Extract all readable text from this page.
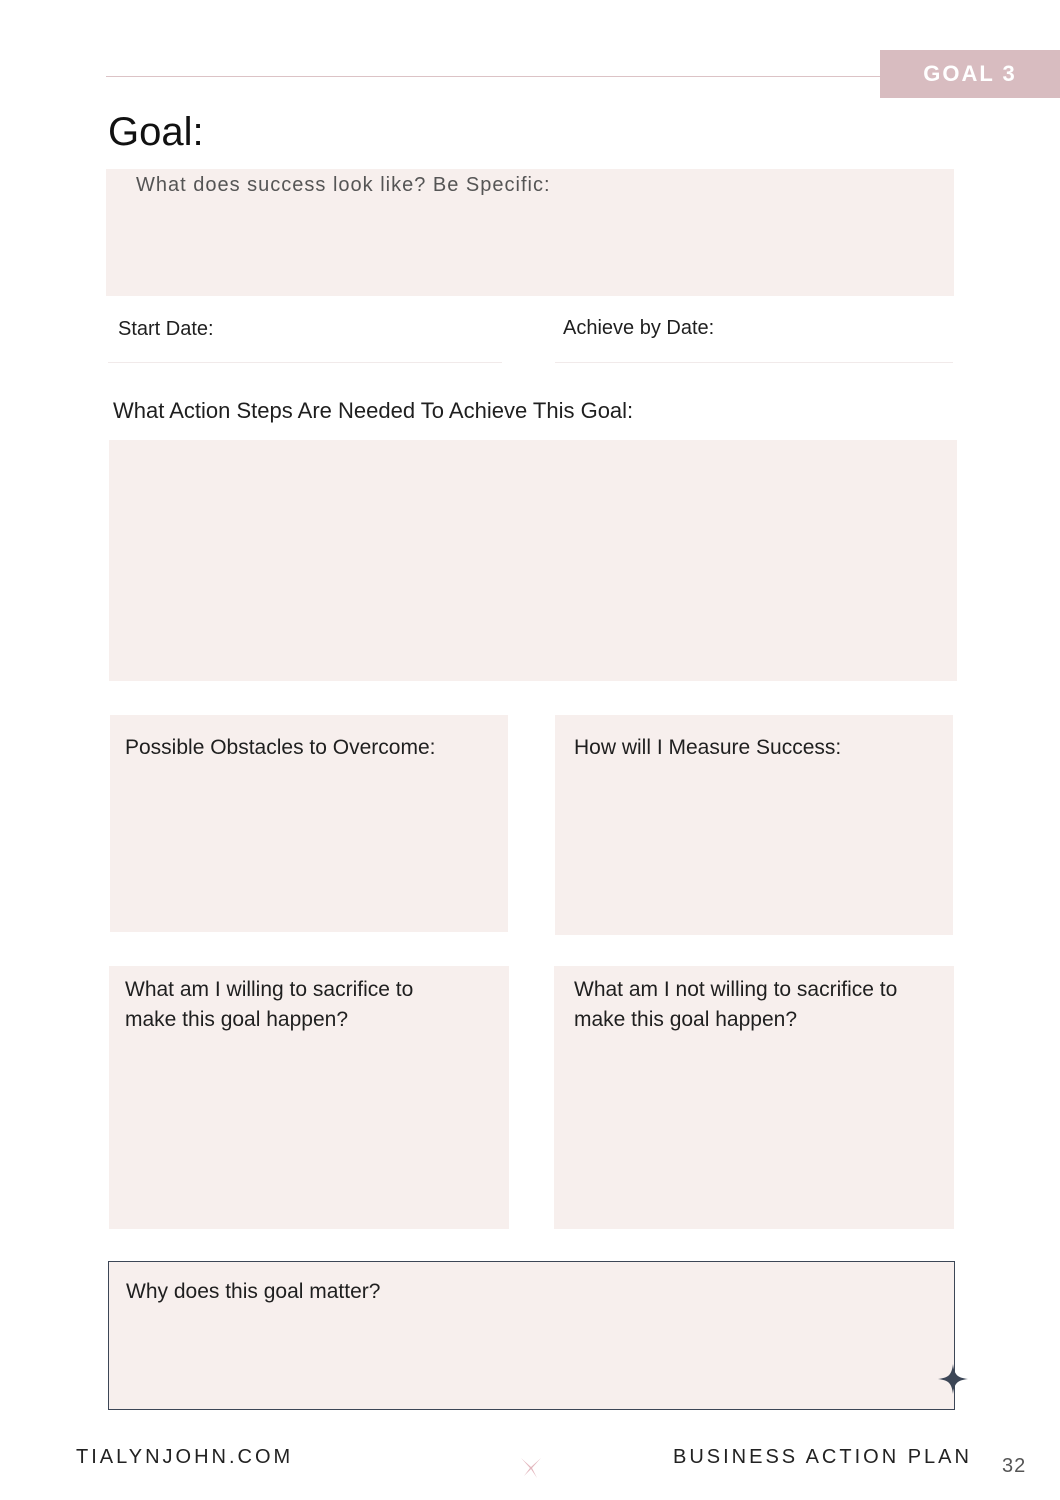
GOAL 3
Goal:
What does success look like? Be Specific:
Start Date:	Achieve by Date:
What Action Steps Are Needed To Achieve This Goal:
Possible Obstacles to Overcome:	How will I Measure Success:
What am I willing to sacrifice to make this goal happen?
What am I not willing to sacrifice to make this goal happen?
Why does this goal matter?
TIALYNJOHN.COM	BUSINESS ACTION PLAN 32
